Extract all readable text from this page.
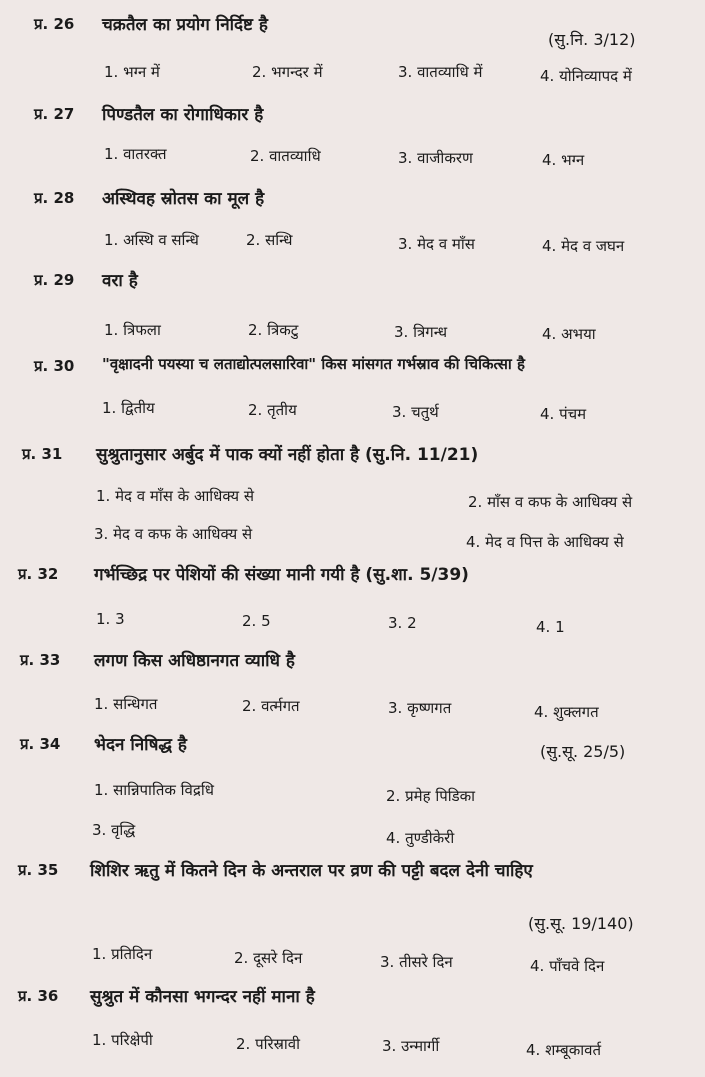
प्र. 26 चक्रतैल का प्रयोग निर्दिष्ट है
(सु.नि. 3/12)
1. भग्न में	2. भगन्दर में	3. वातव्याधि में	4. योनिव्यापद में
प्र. 27 पिण्डतैल का रोगाधिकार है
1. वातरक्त	2. वातव्याधि	3. वाजीकरण	4. भग्न
प्र. 28 अस्थिवह स्रोतस का मूल है
1. अस्थि व सन्धि	2. सन्धि	3. मेद व माँस	4. मेद व जघन
प्र. 29 वरा है
1. त्रिफला	2. त्रिकटु	3. त्रिगन्ध	4. अभया
प्र. 30 "वृक्षादनी पयस्या च लताद्योत्पलसारिवा" किस मांसगत गर्भस्राव की चिकित्सा है
1. द्वितीय	2. तृतीय	3. चतुर्थ	4. पंचम
प्र. 31 सुश्रुतानुसार अर्बुद में पाक क्यों नहीं होता है (सु.नि. 11/21)
1. मेद व माँस के आधिक्य से	2. माँस व कफ के आधिक्य से
3. मेद व कफ के आधिक्य से	4. मेद व पित्त के आधिक्य से
प्र. 32 गर्भच्छिद्र पर पेशियों की संख्या मानी गयी है (सु.शा. 5/39)
1. 3	2. 5	3. 2	4. 1
प्र. 33 लगण किस अधिष्ठानगत व्याधि है
1. सन्धिगत	2. वर्त्मगत	3. कृष्णगत	4. शुक्लगत
प्र. 34 भेदन निषिद्ध है	(सु.सू. 25/5)
1. सान्निपातिक विद्रधि	2. प्रमेह पिडिका
3. वृद्धि	4. तुण्डीकेरी
प्र. 35 शिशिर ऋतु में कितने दिन के अन्तराल पर व्रण की पट्टी बदल देनी चाहिए
(सु.सू. 19/140)
1. प्रतिदिन	2. दूसरे दिन	3. तीसरे दिन	4. पाँचवे दिन
प्र. 36 सुश्रुत में कौनसा भगन्दर नहीं माना है
1. परिक्षेपी	2. परिस्रावी	3. उन्मार्गी	4. शम्बूकावर्त
